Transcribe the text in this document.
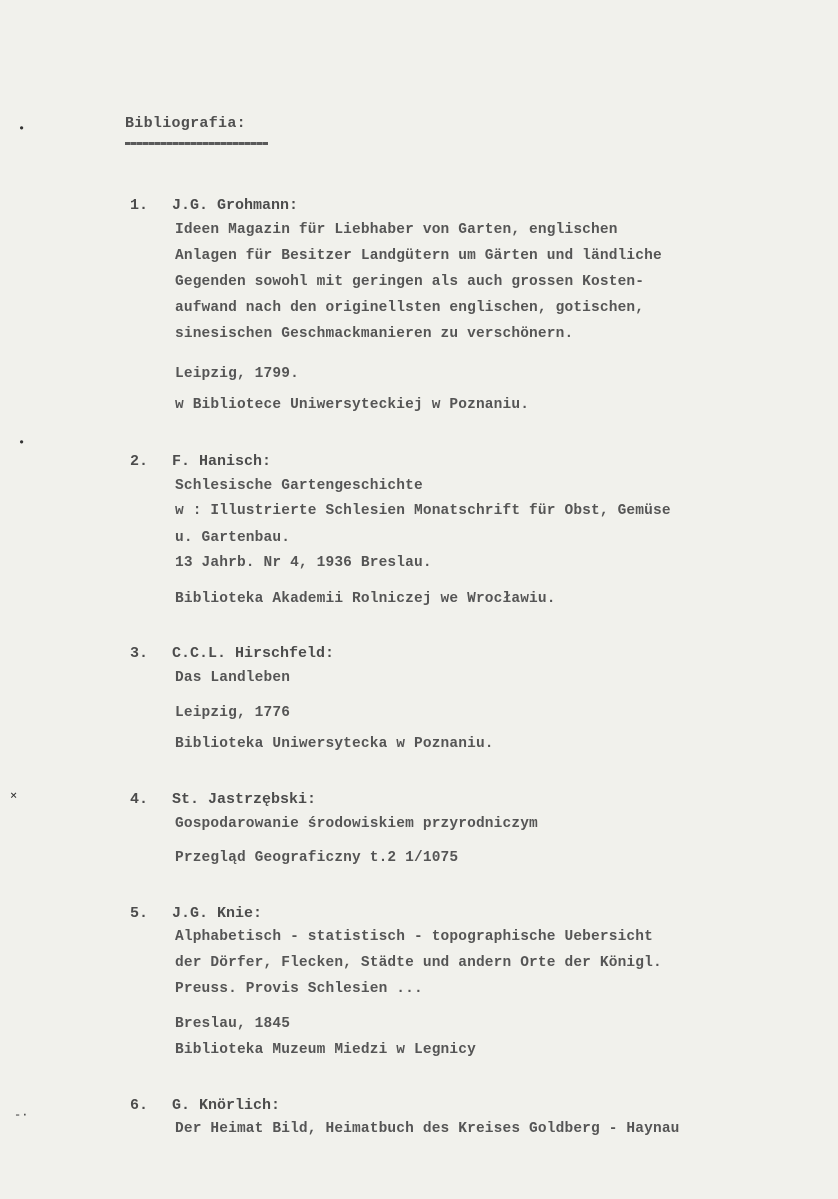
•
•
⨯
-·
Bibliografia:
1. J.G. Grohmann:
Ideen Magazin für Liebhaber von Garten, englischen
Anlagen für Besitzer Landgütern um Gärten und ländliche
Gegenden sowohl mit geringen als auch grossen Kosten-
aufwand nach den originellsten englischen, gotischen,
sinesischen Geschmackmanieren zu verschönern.
Leipzig, 1799.
w Bibliotece Uniwersyteckiej w Poznaniu.
2. F. Hanisch:
Schlesische Gartengeschichte
w : Illustrierte Schlesien Monatschrift für Obst, Gemüse
u. Gartenbau.
13 Jahrb. Nr 4, 1936 Breslau.
Biblioteka Akademii Rolniczej we Wrocławiu.
3. C.C.L. Hirschfeld:
Das Landleben
Leipzig, 1776
Biblioteka Uniwersytecka w Poznaniu.
4. St. Jastrzębski:
Gospodarowanie środowiskiem przyrodniczym
Przegląd Geograficzny t.2 1/1075
5. J.G. Knie:
Alphabetisch - statistisch - topographische Uebersicht
der Dörfer, Flecken, Städte und andern Orte der Königl.
Preuss. Provis Schlesien ...
Breslau, 1845
Biblioteka Muzeum Miedzi w Legnicy
6. G. Knörlich:
Der Heimat Bild, Heimatbuch des Kreises Goldberg - Haynau
